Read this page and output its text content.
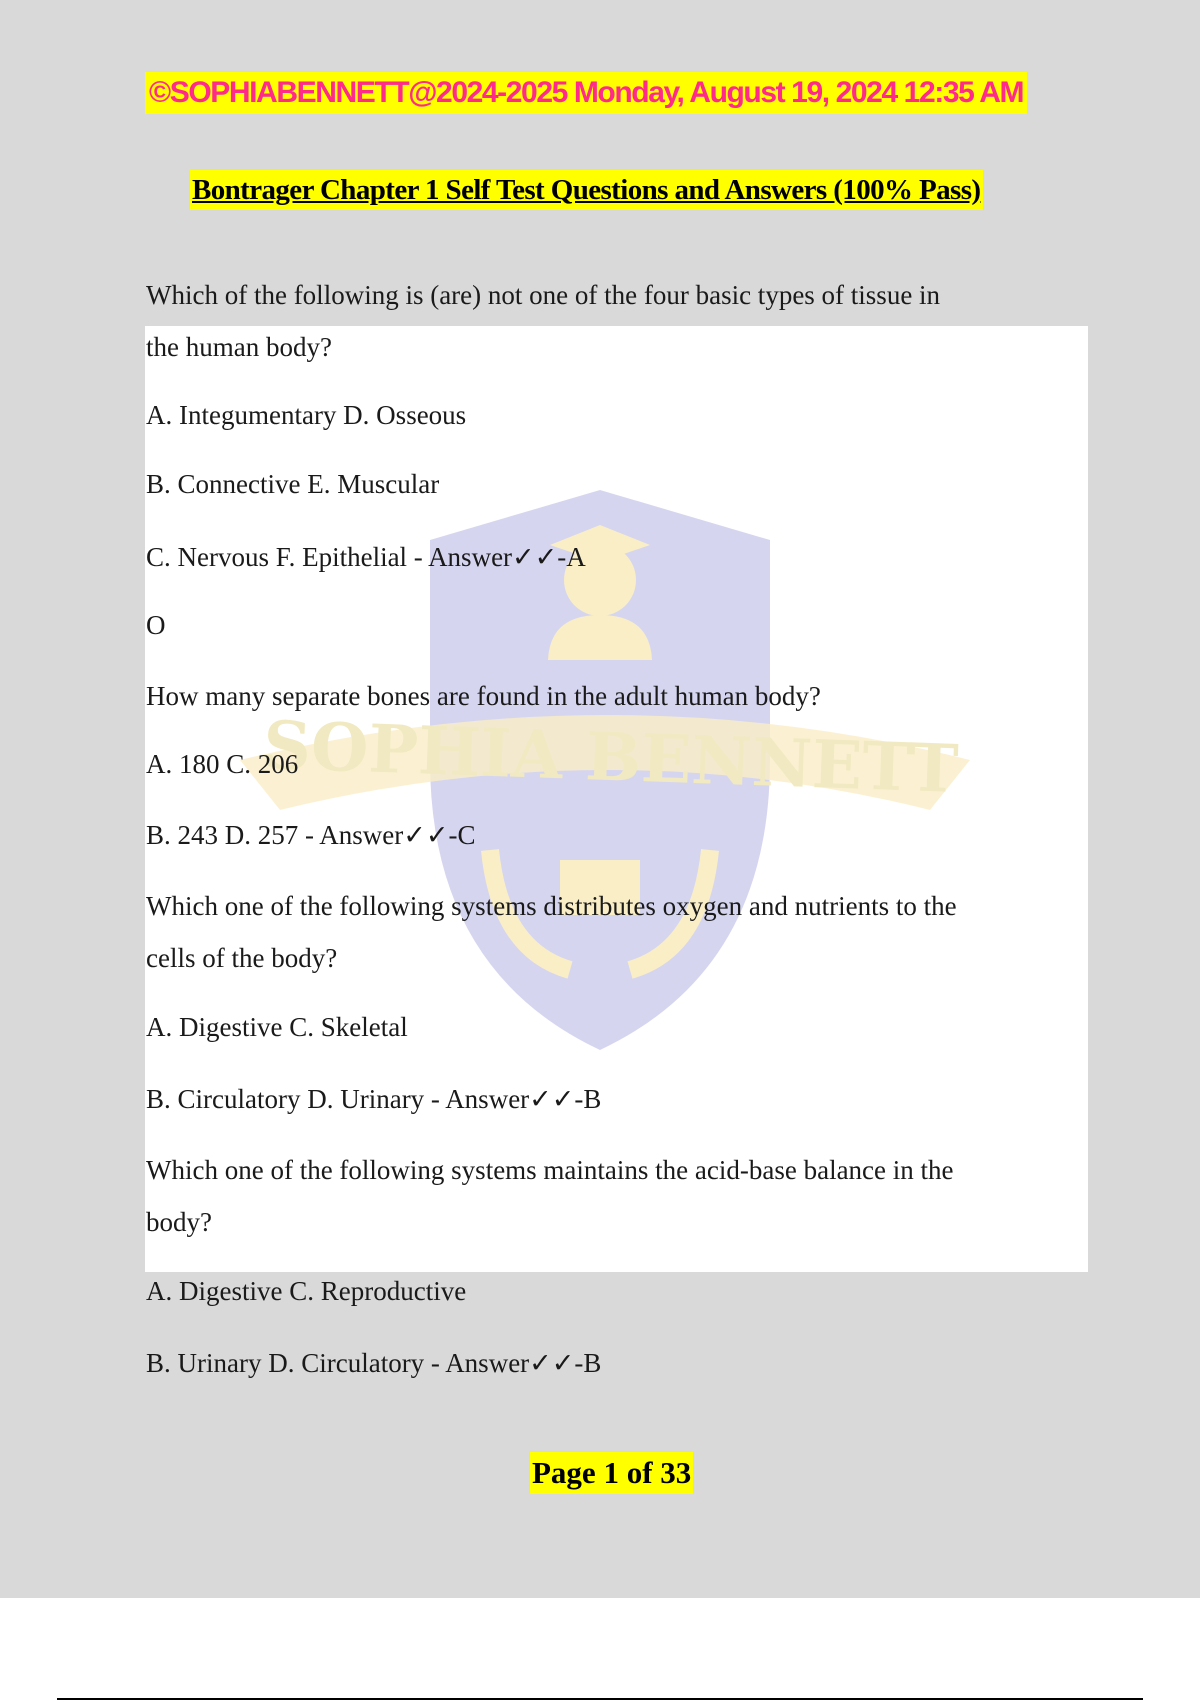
SOPHIA BENNETT
©SOPHIABENNETT@2024-2025 Monday, August 19, 2024 12:35 AM
Bontrager Chapter 1 Self Test Questions and Answers (100% Pass)
Which of the following is (are) not one of the four basic types of tissue in
the human body?
A. Integumentary D. Osseous
B. Connective E. Muscular
C. Nervous F. Epithelial - Answer✓✓-A
O
How many separate bones are found in the adult human body?
A. 180 C. 206
B. 243 D. 257 - Answer✓✓-C
Which one of the following systems distributes oxygen and nutrients to the
cells of the body?
A. Digestive C. Skeletal
B. Circulatory D. Urinary - Answer✓✓-B
Which one of the following systems maintains the acid-base balance in the
body?
A. Digestive C. Reproductive
B. Urinary D. Circulatory - Answer✓✓-B
Page 1 of 33
